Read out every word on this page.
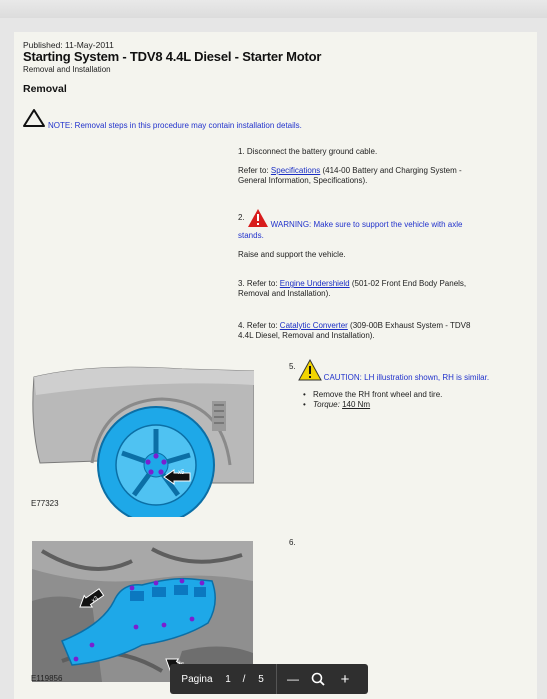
Published: 11-May-2011
Starting System - TDV8 4.4L Diesel - Starter Motor
Removal and Installation
Removal
NOTE: Removal steps in this procedure may contain installation details.
1. Disconnect the battery ground cable.
Refer to: Specifications (414-00 Battery and Charging System -
General Information, Specifications).
2.
WARNING: Make sure to support the vehicle with axle
stands.
Raise and support the vehicle.
3. Refer to: Engine Undershield (501-02 Front End Body Panels,
Removal and Installation).
4. Refer to: Catalytic Converter (309-00B Exhaust System - TDV8
4.4L Diesel, Removal and Installation).
5.
CAUTION: LH illustration shown, RH is similar.
• Remove the RH front wheel and tire.
• Torque: 140 Nm
x5
E77323
6.
x3
E119856	Pagina	1	/	5	—	+
